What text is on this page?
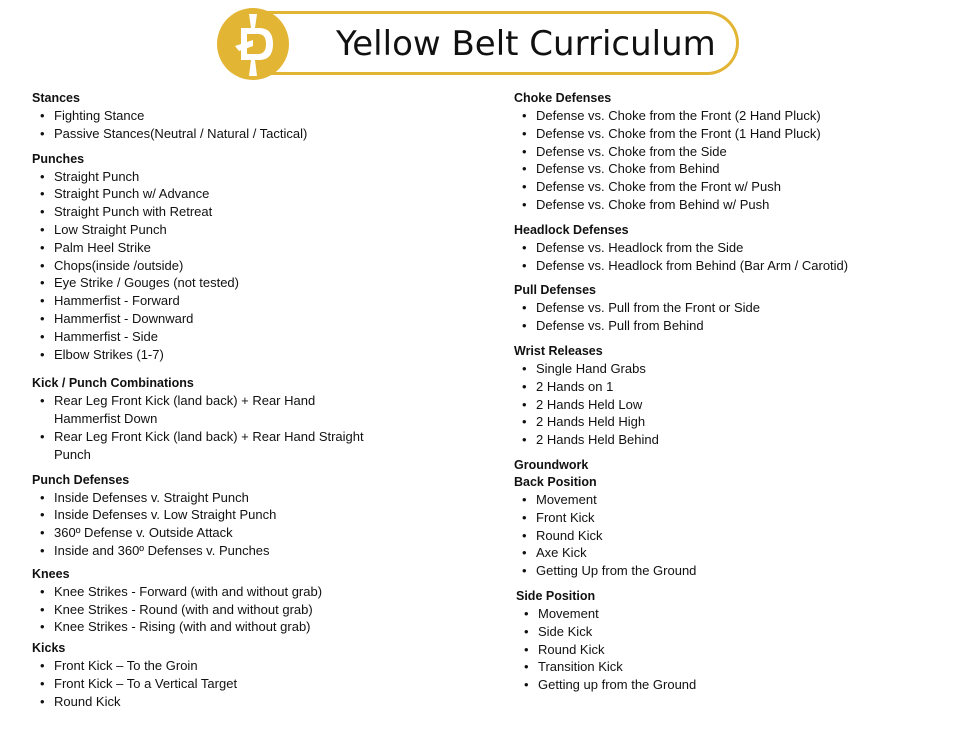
Yellow Belt Curriculum
Stances
• Fighting Stance
• Passive Stances(Neutral / Natural / Tactical)
Punches
• Straight Punch
• Straight Punch w/ Advance
• Straight Punch with Retreat
• Low Straight Punch
• Palm Heel Strike
• Chops(inside /outside)
• Eye Strike / Gouges (not tested)
• Hammerfist - Forward
• Hammerfist - Downward
• Hammerfist - Side
• Elbow Strikes (1-7)
Kick / Punch Combinations
• Rear Leg Front Kick (land back) + Rear Hand Hammerfist Down
• Rear Leg Front Kick (land back) + Rear Hand Straight Punch
Punch Defenses
• Inside Defenses v. Straight Punch
• Inside Defenses v. Low Straight Punch
• 360º Defense v. Outside Attack
• Inside and 360º Defenses v. Punches
Knees
• Knee Strikes - Forward (with and without grab)
• Knee Strikes - Round (with and without grab)
• Knee Strikes - Rising (with and without grab)
Kicks
• Front Kick – To the Groin
• Front Kick – To a Vertical Target
• Round Kick
Choke Defenses
• Defense vs. Choke from the Front (2 Hand Pluck)
• Defense vs. Choke from the Front (1 Hand Pluck)
• Defense vs. Choke from the Side
• Defense vs. Choke from Behind
• Defense vs. Choke from the Front w/ Push
• Defense vs. Choke from Behind w/ Push
Headlock Defenses
• Defense vs. Headlock from the Side
• Defense vs. Headlock from Behind (Bar Arm / Carotid)
Pull Defenses
• Defense vs. Pull from the Front or Side
• Defense vs. Pull from Behind
Wrist Releases
• Single Hand Grabs
• 2 Hands on 1
• 2 Hands Held Low
• 2 Hands Held High
• 2 Hands Held Behind
Groundwork
Back Position
• Movement
• Front Kick
• Round Kick
• Axe Kick
• Getting Up from the Ground
Side Position
• Movement
• Side Kick
• Round Kick
• Transition Kick
• Getting up from the Ground
